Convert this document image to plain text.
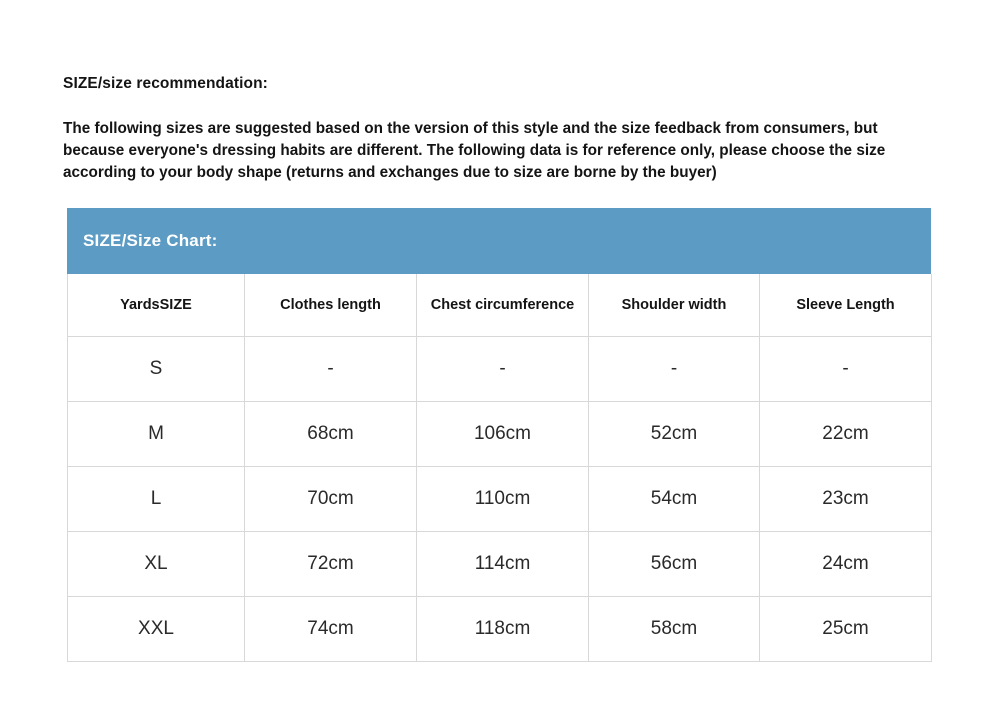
SIZE/size recommendation:
The following sizes are suggested based on the version of this style and the size feedback from consumers, but because everyone's dressing habits are different. The following data is for reference only, please choose the size according to your body shape (returns and exchanges due to size are borne by the buyer)
SIZE/Size Chart:
YardsSIZE	Clothes length	Chest circumference	Shoulder width	Sleeve Length
S	-	-	-	-
M	68cm	106cm	52cm	22cm
L	70cm	110cm	54cm	23cm
XL	72cm	114cm	56cm	24cm
XXL	74cm	118cm	58cm	25cm
